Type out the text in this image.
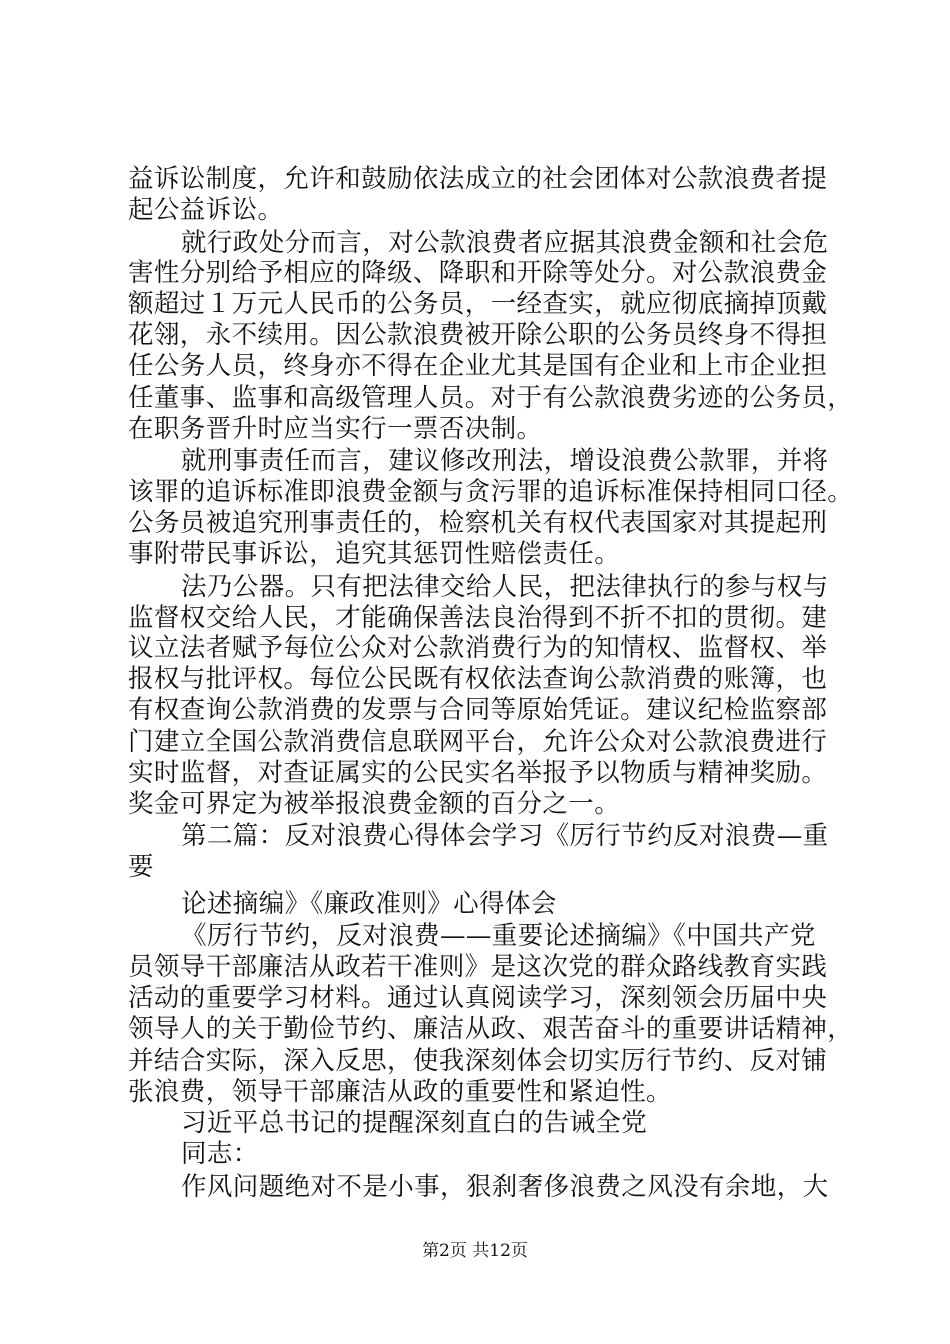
益诉讼制度，允许和鼓励依法成立的社会团体对公款浪费者提
起公益诉讼。
就行政处分而言，对公款浪费者应据其浪费金额和社会危
害性分别给予相应的降级、降职和开除等处分。对公款浪费金
额超过１万元人民币的公务员，一经查实，就应彻底摘掉顶戴
花翎，永不续用。因公款浪费被开除公职的公务员终身不得担
任公务人员，终身亦不得在企业尤其是国有企业和上市企业担
任董事、监事和高级管理人员。对于有公款浪费劣迹的公务员，
在职务晋升时应当实行一票否决制。
就刑事责任而言，建议修改刑法，增设浪费公款罪，并将
该罪的追诉标准即浪费金额与贪污罪的追诉标准保持相同口径。
公务员被追究刑事责任的，检察机关有权代表国家对其提起刑
事附带民事诉讼，追究其惩罚性赔偿责任。
法乃公器。只有把法律交给人民，把法律执行的参与权与
监督权交给人民，才能确保善法良治得到不折不扣的贯彻。建
议立法者赋予每位公众对公款消费行为的知情权、监督权、举
报权与批评权。每位公民既有权依法查询公款消费的账簿，也
有权查询公款消费的发票与合同等原始凭证。建议纪检监察部
门建立全国公款消费信息联网平台，允许公众对公款浪费进行
实时监督，对查证属实的公民实名举报予以物质与精神奖励。
奖金可界定为被举报浪费金额的百分之一。
第二篇：反对浪费心得体会学习《厉行节约反对浪费—重
要
论述摘编》《廉政准则》心得体会
《厉行节约，反对浪费——重要论述摘编》《中国共产党
员领导干部廉洁从政若干准则》是这次党的群众路线教育实践
活动的重要学习材料。通过认真阅读学习，深刻领会历届中央
领导人的关于勤俭节约、廉洁从政、艰苦奋斗的重要讲话精神，
并结合实际，深入反思，使我深刻体会切实厉行节约、反对铺
张浪费，领导干部廉洁从政的重要性和紧迫性。
习近平总书记的提醒深刻直白的告诫全党
同志：
作风问题绝对不是小事，狠刹奢侈浪费之风没有余地，大
第2页 共12页
